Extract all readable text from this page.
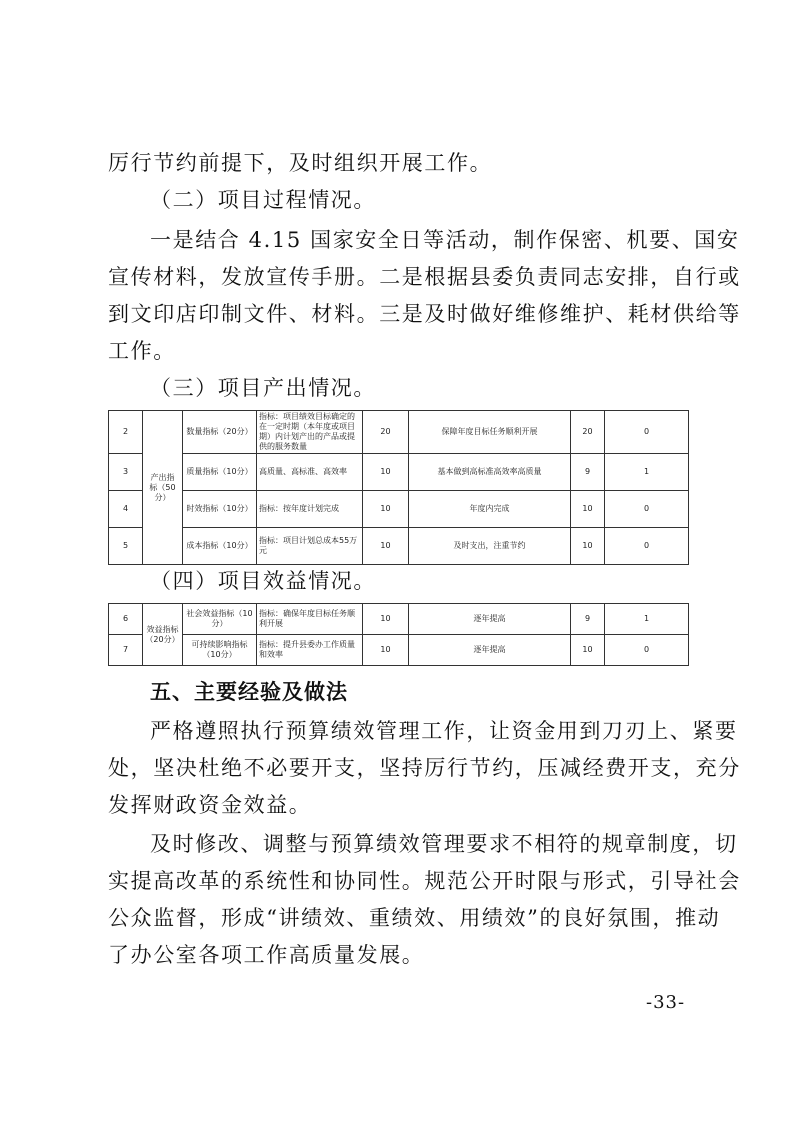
厉行节约前提下，及时组织开展工作。
（二）项目过程情况。
一是结合 4.15 国家安全日等活动，制作保密、机要、国安
宣传材料，发放宣传手册。二是根据县委负责同志安排，自行或
到文印店印制文件、材料。三是及时做好维修维护、耗材供给等
工作。
（三）项目产出情况。
2	产出指标（50分）	数量指标（20分）	指标：项目绩效目标确定的在一定时期（本年度或项目期）内计划产出的产品或提供的服务数量	20	保障年度目标任务顺利开展	20	0
3		质量指标（10分）	高质量、高标准、高效率	10	基本做到高标准高效率高质量	9	1
4		时效指标（10分）	指标：按年度计划完成	10	年度内完成	10	0
5		成本指标（10分）	指标：项目计划总成本55万元	10	及时支出，注重节约	10	0
（四）项目效益情况。
6	效益指标（20分）	社会效益指标（10分）	指标：确保年度目标任务顺利开展	10	逐年提高	9	1
7		可持续影响指标（10分）	指标：提升县委办工作质量和效率	10	逐年提高	10	0
五、主要经验及做法
严格遵照执行预算绩效管理工作，让资金用到刀刃上、紧要
处，坚决杜绝不必要开支，坚持厉行节约，压减经费开支，充分
发挥财政资金效益。
及时修改、调整与预算绩效管理要求不相符的规章制度，切
实提高改革的系统性和协同性。规范公开时限与形式，引导社会
公众监督，形成“讲绩效、重绩效、用绩效”的良好氛围，推动
了办公室各项工作高质量发展。
-33-
